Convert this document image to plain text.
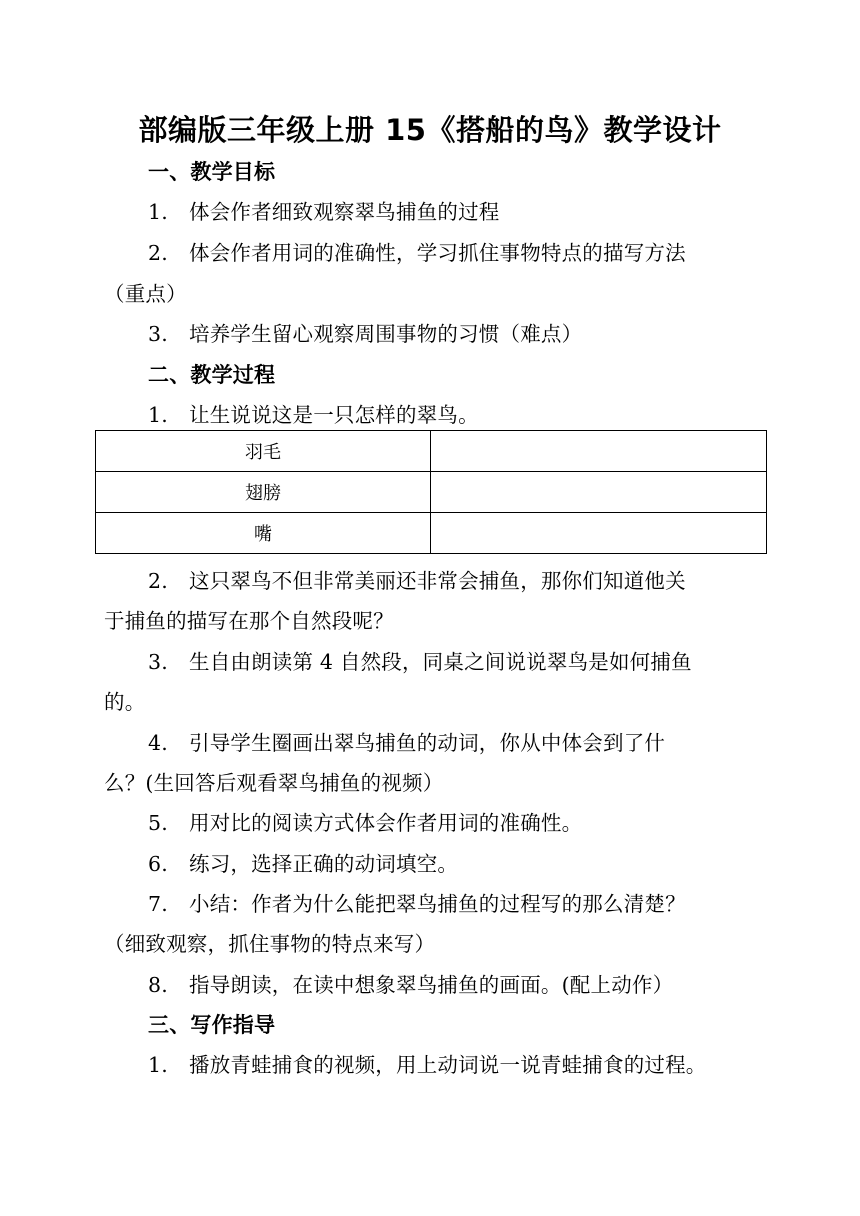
部编版三年级上册 15《搭船的鸟》教学设计
一、教学目标
1. 体会作者细致观察翠鸟捕鱼的过程
2. 体会作者用词的准确性，学习抓住事物特点的描写方法
（重点）
3. 培养学生留心观察周围事物的习惯（难点）
二、教学过程
1. 让生说说这是一只怎样的翠鸟。
羽毛	
翅膀	
嘴	
2. 这只翠鸟不但非常美丽还非常会捕鱼，那你们知道他关
于捕鱼的描写在那个自然段呢？
3. 生自由朗读第 4 自然段，同桌之间说说翠鸟是如何捕鱼
的。
4. 引导学生圈画出翠鸟捕鱼的动词，你从中体会到了什
么？(生回答后观看翠鸟捕鱼的视频）
5. 用对比的阅读方式体会作者用词的准确性。
6. 练习，选择正确的动词填空。
7. 小结：作者为什么能把翠鸟捕鱼的过程写的那么清楚？
（细致观察，抓住事物的特点来写）
8. 指导朗读，在读中想象翠鸟捕鱼的画面。(配上动作）
三、写作指导
1. 播放青蛙捕食的视频，用上动词说一说青蛙捕食的过程。
